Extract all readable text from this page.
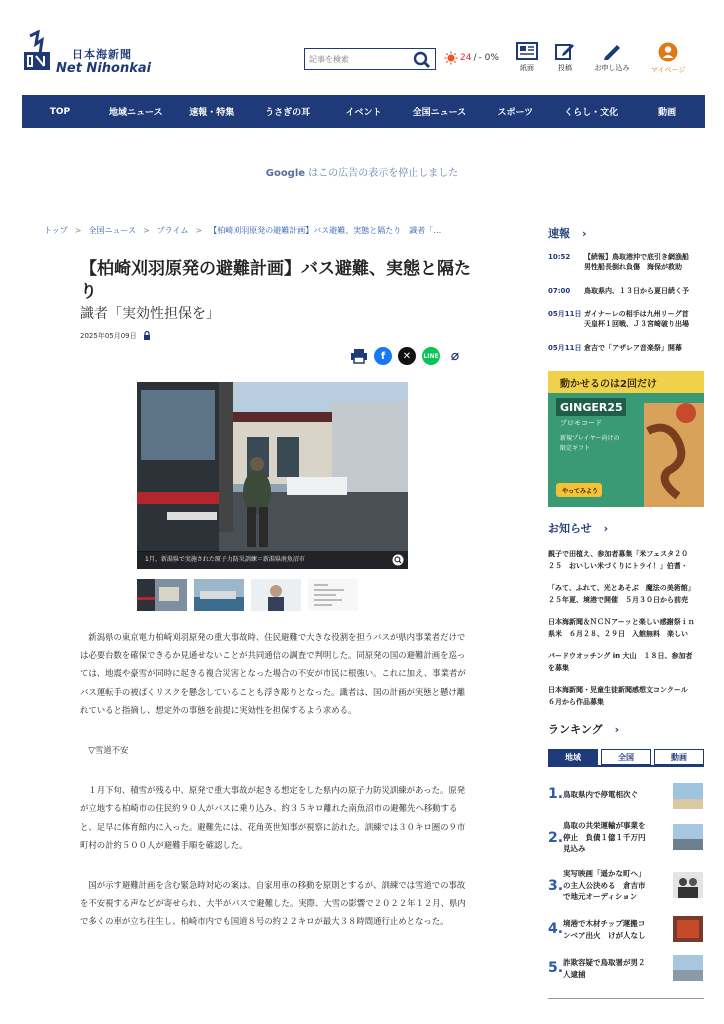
日本海新聞
Net Nihonkai
記事を検索
24 / - 0%
紙面	投稿	お申し込み	マイページ
TOP	地域ニュース	速報・特集	うさぎの耳	イベント	全国ニュース	スポーツ	くらし・文化	動画
Google はこの広告の表示を停止しました
トップ > 全国ニュース > プライム > 【柏崎刈羽原発の避難計画】バス避難、実態と隔たり　識者「…
【柏崎刈羽原発の避難計画】バス避難、実態と隔たり
識者「実効性担保を」
2025年05月09日
f	✕	LINE ⌀
1月、新潟県で実施された原子力防災訓練＝新潟県南魚沼市

新潟県の東京電力柏崎刈羽原発の重大事故時、住民避難で大きな役割を担うバスが県内事業者だけでは必要台数を確保できるか見通せないことが共同通信の調査で判明した。同原発の国の避難計画を巡っては、地震や豪雪が同時に起きる複合災害となった場合の不安が市民に根強い。これに加え、事業者がバス運転手の被ばくリスクを懸念していることも浮き彫りとなった。識者は、国の計画が実態と懸け離れていると指摘し、想定外の事態を前提に実効性を担保するよう求める。

▽雪道不安

１月下旬、積雪が残る中、原発で重大事故が起きる想定をした県内の原子力防災訓練があった。原発が立地する柏崎市の住民約９０人がバスに乗り込み、約３５キロ離れた南魚沼市の避難先へ移動すると、足早に体育館内に入った。避難先には、花角英世知事が視察に訪れた。訓練では３０キロ圏の９市町村の計約５００人が避難手順を確認した。

国が示す避難計画を含む緊急時対応の案は、自家用車の移動を原則とするが、訓練では雪道での事故を不安視する声などが寄せられ、大半がバスで避難した。実際、大雪の影響で２０２２年１２月、県内で多くの車が立ち往生し、柏崎市内でも国道８号の約２２キロが最大３８時間通行止めとなった。

速報 ›
10:52	【続報】鳥取港沖で底引き網漁船
男性船長倒れ負傷　海保が救助
07:00	鳥取県内、１３日から夏日続く予
05月11日 ガイナーレの相手は九州リーグ首
天皇杯１回戦、Ｊ３宮崎破り出場
05月11日 倉吉で「アザレア音楽祭」開幕
動かせるのは2回だけ
GINGER25
プロモコード
新規プレイヤー向けの
限定ギフト
やってみよう
お知らせ ›
親子で田植え、参加者募集「米フェスタ２０
２５　おいしい米づくりにトライ！」伯耆・
「みて、ふれて、光とあそぶ　魔法の美術館」
２５年夏、境港で開催　５月３０日から前売
日本海新聞＆ＮＣＮアーッと楽しい感謝祭ｉｎ
県米　６月２８、２９日　入館無料　楽しい
バードウオッチング in 大山　１８日、参加者
を募集
日本海新聞・児童生徒新聞感想文コンクール
６月から作品募集
ランキング ›
地域	全国	動画
1. 鳥取県内で停電相次ぐ
2.
鳥取の共栄運輸が事業を
停止　負債１億１千万円
見込み
3.
実写映画「遥かな町へ」
の主人公決める　倉吉市
で地元オーディション
4. 境港で木材チップ運搬コ
ンベア出火　けが人なし
5. 詐欺容疑で鳥取署が男２
人逮捕
